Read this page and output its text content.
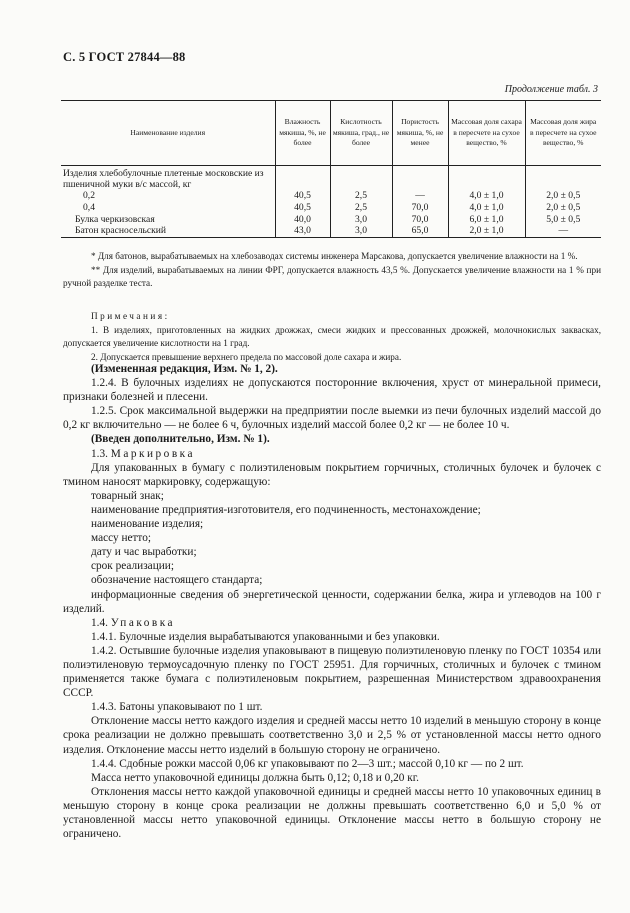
С. 5 ГОСТ 27844—88
Продолжение табл. 3
Наименование изделия	Влажность мякиша, %, не более	Кислотность мякиша, град., не более	Пористость мякиша, %, не менее	Массовая доля сахара в пересчете на сухое вещество, %	Массовая доля жира в пересчете на сухое вещество, %
Изделия хлебобулочные плетеные московские из пшеничной муки в/с массой, кг					
0,2	40,5	2,5	—	4,0 ± 1,0	2,0 ± 0,5
0,4	40,5	2,5	70,0	4,0 ± 1,0	2,0 ± 0,5
Булка черкизовская	40,0	3,0	70,0	6,0 ± 1,0	5,0 ± 0,5
Батон красносельский	43,0	3,0	65,0	2,0 ± 1,0	—

* Для батонов, вырабатываемых на хлебозаводах системы инженера Марсакова, допускается увеличение влажности на 1 %.

** Для изделий, вырабатываемых на линии ФРГ, допускается влажность 43,5 %. Допускается увеличение влажности на 1 % при ручной разделке теста.

Примечания:

1. В изделиях, приготовленных на жидких дрожжах, смеси жидких и прессованных дрожжей, молочнокислых заквасках, допускается увеличение кислотности на 1 град.

2. Допускается превышение верхнего предела по массовой доле сахара и жира.

(Измененная редакция, Изм. № 1, 2).

1.2.4. В булочных изделиях не допускаются посторонние включения, хруст от минеральной примеси, признаки болезней и плесени.

1.2.5. Срок максимальной выдержки на предприятии после выемки из печи булочных изделий массой до 0,2 кг включительно — не более 6 ч, булочных изделий массой более 0,2 кг — не более 10 ч.

(Введен дополнительно, Изм. № 1).

1.3. Маркировка

Для упакованных в бумагу с полиэтиленовым покрытием горчичных, столичных булочек и булочек с тмином наносят маркировку, содержащую:

товарный знак;

наименование предприятия-изготовителя, его подчиненность, местонахождение;

наименование изделия;

массу нетто;

дату и час выработки;

срок реализации;

обозначение настоящего стандарта;

информационные сведения об энергетической ценности, содержании белка, жира и углеводов на 100 г изделий.

1.4. Упаковка

1.4.1. Булочные изделия вырабатываются упакованными и без упаковки.

1.4.2. Остывшие булочные изделия упаковывают в пищевую полиэтиленовую пленку по ГОСТ 10354 или полиэтиленовую термоусадочную пленку по ГОСТ 25951. Для горчичных, столичных и булочек с тмином применяется также бумага с полиэтиленовым покрытием, разрешенная Министерством здравоохранения СССР.

1.4.3. Батоны упаковывают по 1 шт.

Отклонение массы нетто каждого изделия и средней массы нетто 10 изделий в меньшую сторону в конце срока реализации не должно превышать соответственно 3,0 и 2,5 % от установленной массы нетто одного изделия. Отклонение массы нетто изделий в большую сторону не ограничено.

1.4.4. Сдобные рожки массой 0,06 кг упаковывают по 2—3 шт.; массой 0,10 кг — по 2 шт.

Масса нетто упаковочной единицы должна быть 0,12; 0,18 и 0,20 кг.

Отклонения массы нетто каждой упаковочной единицы и средней массы нетто 10 упаковочных единиц в меньшую сторону в конце срока реализации не должны превышать соответственно 6,0 и 5,0 % от установленной массы нетто упаковочной единицы. Отклонение массы нетто в большую сторону не ограничено.
